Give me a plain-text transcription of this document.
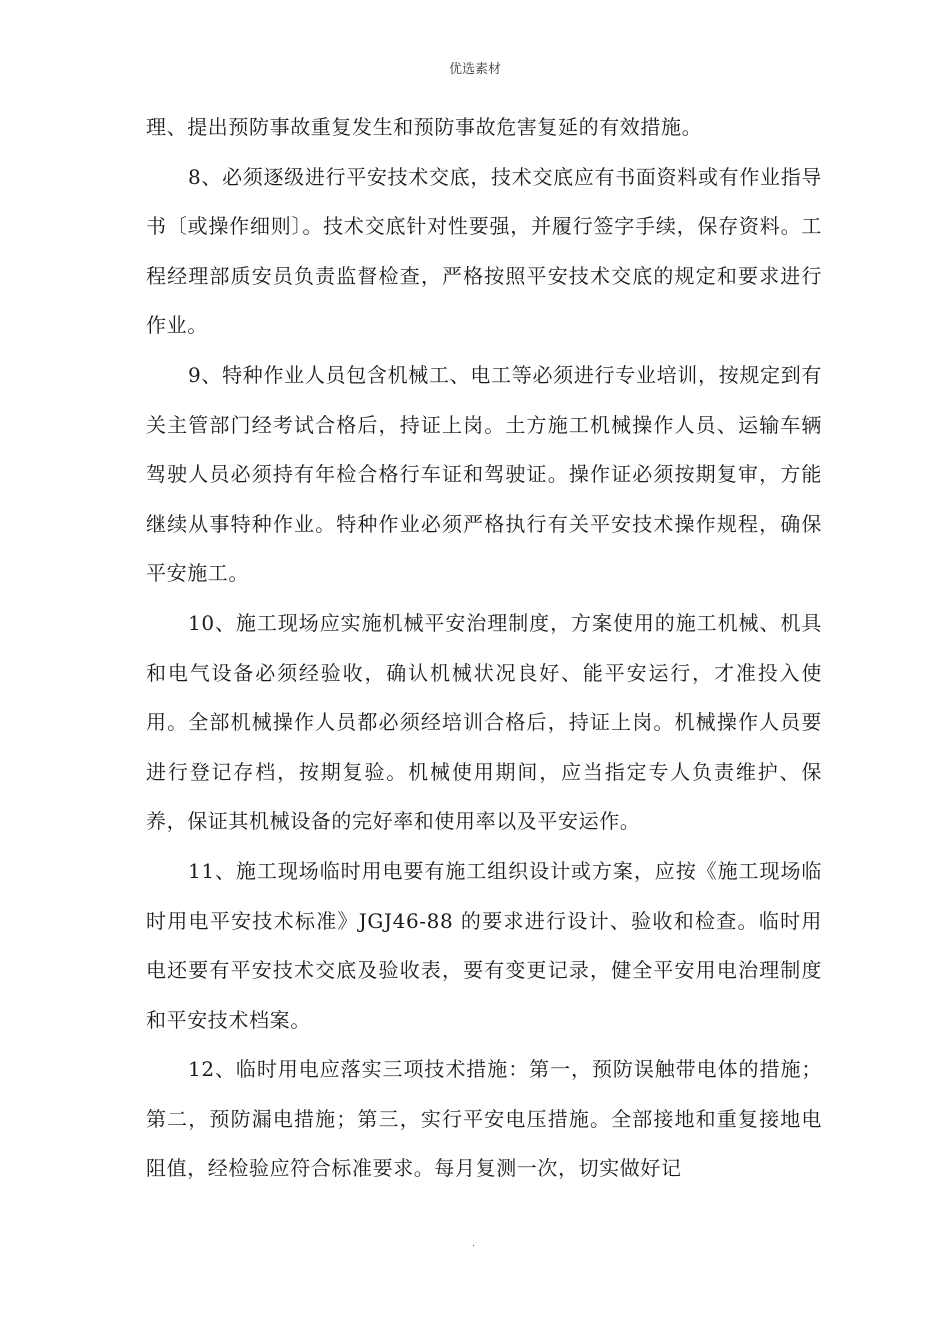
优选素材

理、提出预防事故重复发生和预防事故危害复延的有效措施。

8、必须逐级进行平安技术交底，技术交底应有书面资料或有作业指导书〔或操作细则〕。技术交底针对性要强，并履行签字手续，保存资料。工程经理部质安员负责监督检查，严格按照平安技术交底的规定和要求进行作业。

9、特种作业人员包含机械工、电工等必须进行专业培训，按规定到有关主管部门经考试合格后，持证上岗。土方施工机械操作人员、运输车辆驾驶人员必须持有年检合格行车证和驾驶证。操作证必须按期复审，方能继续从事特种作业。特种作业必须严格执行有关平安技术操作规程，确保平安施工。

10、施工现场应实施机械平安治理制度，方案使用的施工机械、机具和电气设备必须经验收，确认机械状况良好、能平安运行，才准投入使用。全部机械操作人员都必须经培训合格后，持证上岗。机械操作人员要进行登记存档，按期复验。机械使用期间，应当指定专人负责维护、保养，保证其机械设备的完好率和使用率以及平安运作。

11、施工现场临时用电要有施工组织设计或方案，应按《施工现场临时用电平安技术标准》JGJ46-88 的要求进行设计、验收和检查。临时用电还要有平安技术交底及验收表，要有变更记录，健全平安用电治理制度和平安技术档案。

12、临时用电应落实三项技术措施：第一，预防误触带电体的措施；第二，预防漏电措施；第三，实行平安电压措施。全部接地和重复接地电阻值，经检验应符合标准要求。每月复测一次，切实做好记

.
